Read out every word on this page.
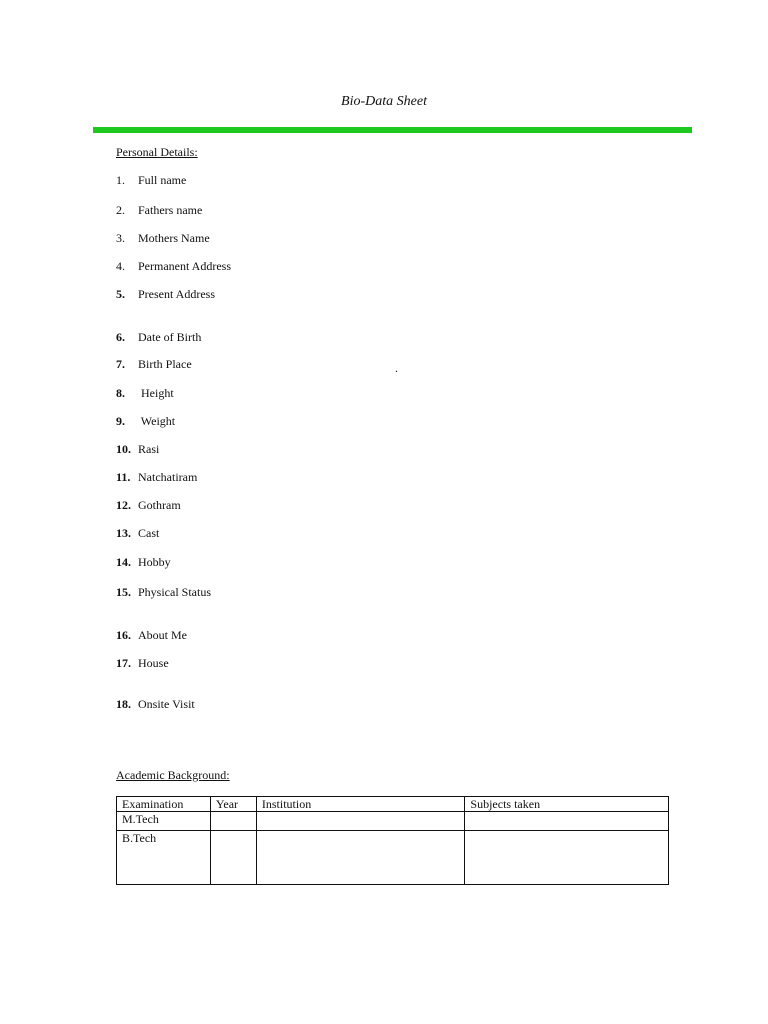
Bio-Data Sheet
Personal Details:
1. Full name
2. Fathers name
3. Mothers Name
4. Permanent Address
5. Present Address
6. Date of Birth
7. Birth Place
8. Height
9. Weight
10. Rasi
11. Natchatiram
12. Gothram
13. Cast
14. Hobby
15. Physical Status
16. About Me
17. House
18. Onsite Visit
.
Academic Background:
Examination	Year	Institution	Subjects taken
M.Tech			
B.Tech			
